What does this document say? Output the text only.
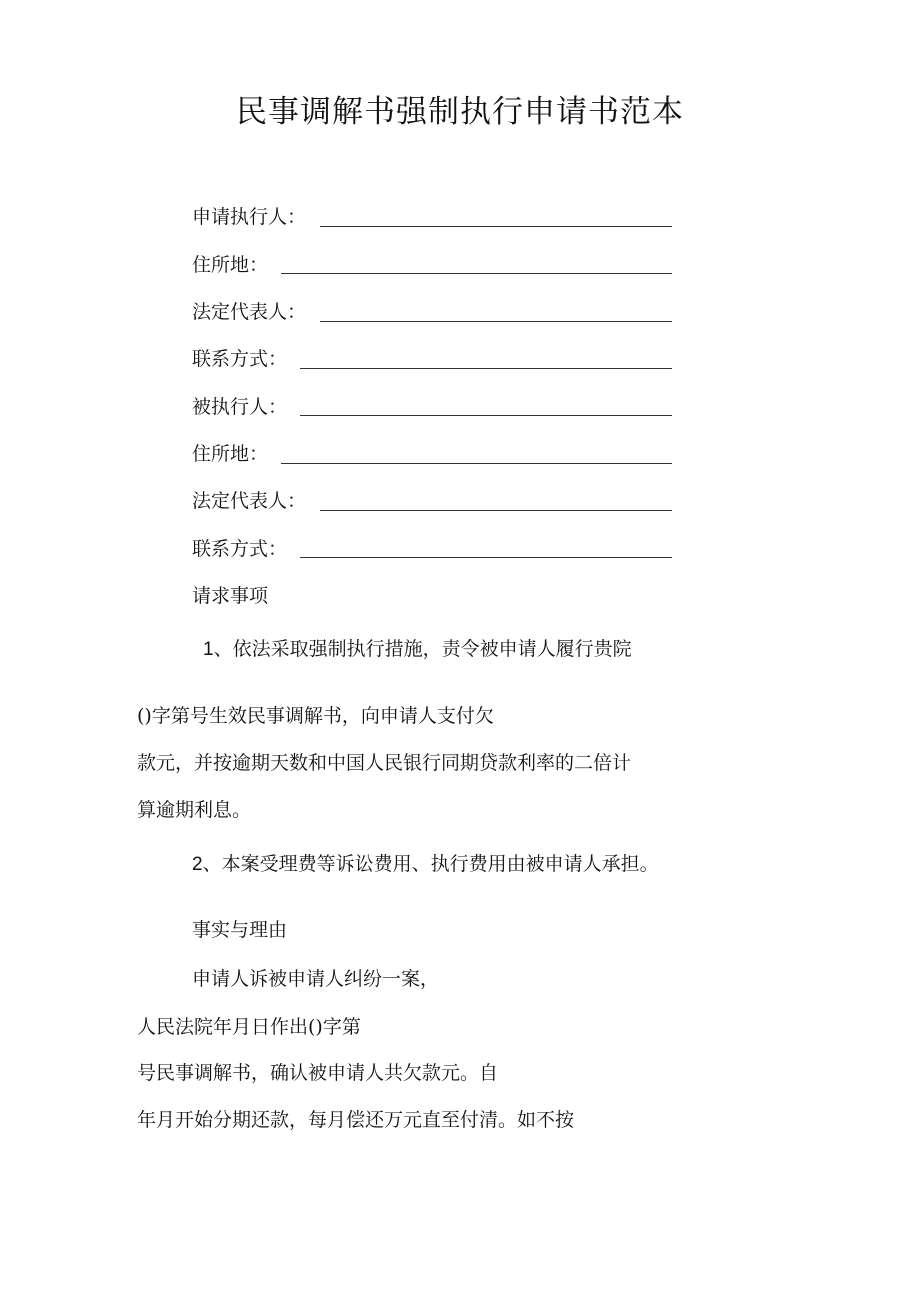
民事调解书强制执行申请书范本
申请执行人：
住所地：
法定代表人：
联系方式：
被执行人：
住所地：
法定代表人：
联系方式：
请求事项
1、依法采取强制执行措施，责令被申请人履行贵院
()字第号生效民事调解书，向申请人支付欠
款元，并按逾期天数和中国人民银行同期贷款利率的二倍计
算逾期利息。
2、本案受理费等诉讼费用、执行费用由被申请人承担。
事实与理由
申请人诉被申请人纠纷一案，
人民法院年月日作出()字第
号民事调解书，确认被申请人共欠款元。自
年月开始分期还款，每月偿还万元直至付清。如不按
